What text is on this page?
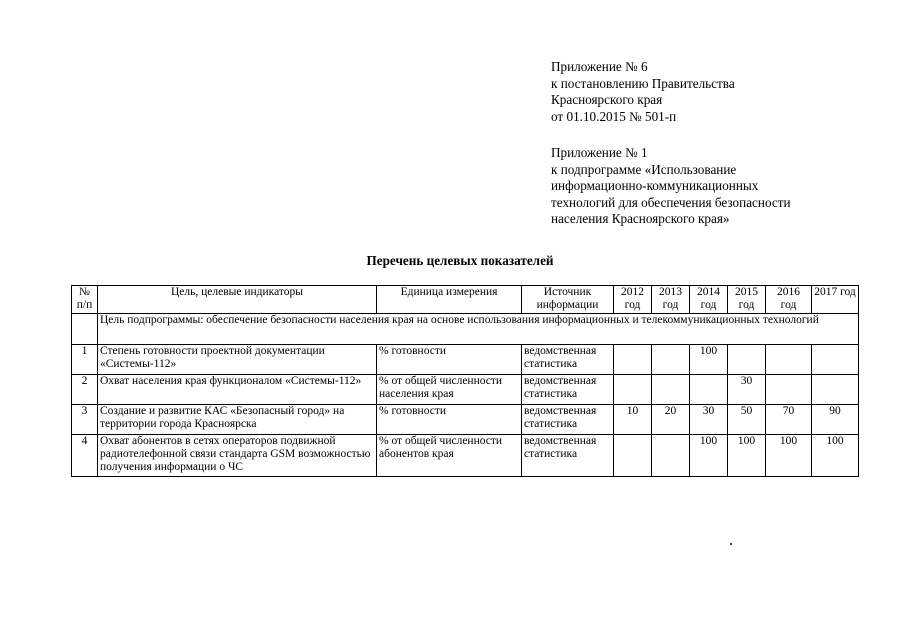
Приложение № 6
к постановлению Правительства
Красноярского края
от 01.10.2015 № 501-п
Приложение № 1
к подпрограмме «Использование
информационно-коммуникационных
технологий для обеспечения безопасности
населения Красноярского края»
Перечень целевых показателей
№ п/п	Цель, целевые индикаторы	Единица измерения	Источник информации	2012 год	2013 год	2014 год	2015 год	2016 год	2017 год
	Цель подпрограммы: обеспечение безопасности населения края на основе использования информационных и телекоммуникационных технологий								
1	Степень готовности проектной документации «Системы-112»	% готовности	ведомственная статистика			100			
2	Охват населения края функционалом «Системы-112»	% от общей численности населения края	ведомственная статистика				30		
3	Создание и развитие КАС «Безопасный город» на территории города Красноярска	% готовности	ведомственная статистика	10	20	30	50	70	90
4	Охват абонентов в сетях операторов подвижной радиотелефонной связи стандарта GSM возможностью получения информации о ЧС	% от общей численности абонентов края	ведомственная статистика			100	100	100	100
